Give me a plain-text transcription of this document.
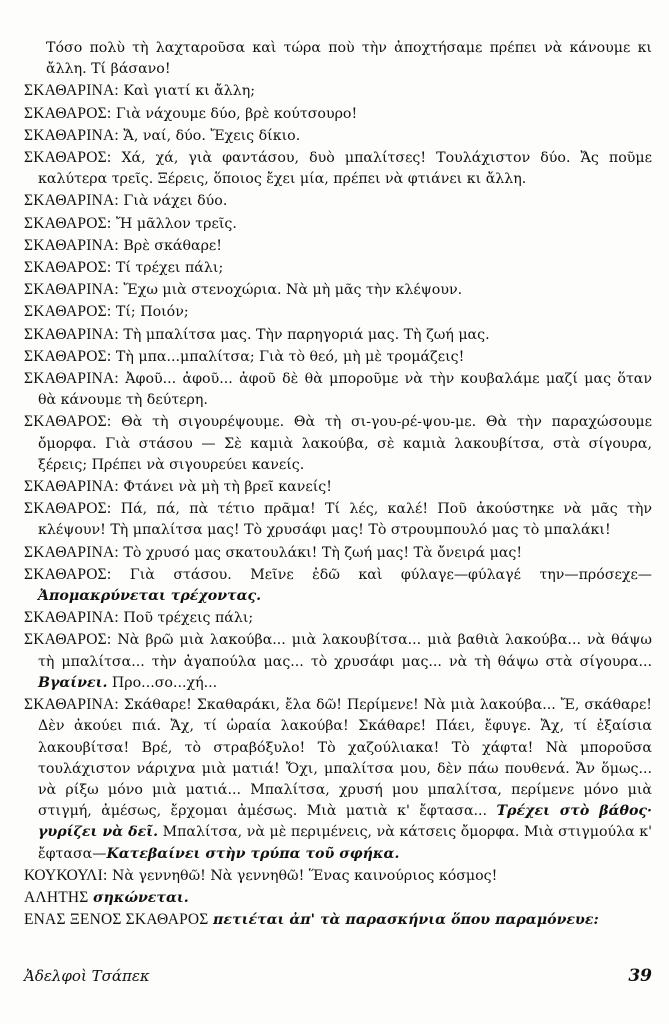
Τόσο πολὺ τὴ λαχταροῦσα καὶ τώρα ποὺ τὴν ἀποχτήσαμε πρέπει νὰ κάνουμε κι ἄλλη. Τί βάσανο!

ΣΚΑΘΑΡΙΝΑ: Καὶ γιατί κι ἄλλη;

ΣΚΑΘΑΡΟΣ: Γιὰ νάχουμε δύο, βρὲ κούτσουρο!

ΣΚΑΘΑΡΙΝΑ: Ἄ, ναί, δύο. Ἔχεις δίκιο.

ΣΚΑΘΑΡΟΣ: Χά, χά, γιὰ φαντάσου, δυὸ μπαλίτσες! Τουλάχιστον δύο. Ἄς ποῦμε καλύτερα τρεῖς. Ξέρεις, ὅποιος ἔχει μία, πρέπει νὰ φτιάνει κι ἄλλη.

ΣΚΑΘΑΡΙΝΑ: Γιὰ νάχει δύο.

ΣΚΑΘΑΡΟΣ: Ἤ μᾶλλον τρεῖς.

ΣΚΑΘΑΡΙΝΑ: Βρὲ σκάθαρε!

ΣΚΑΘΑΡΟΣ: Τί τρέχει πάλι;

ΣΚΑΘΑΡΙΝΑ: Ἔχω μιὰ στενοχώρια. Νὰ μὴ μᾶς τὴν κλέψουν.

ΣΚΑΘΑΡΟΣ: Τί; Ποιόν;

ΣΚΑΘΑΡΙΝΑ: Τὴ μπαλίτσα μας. Τὴν παρηγοριά μας. Τὴ ζωή μας.

ΣΚΑΘΑΡΟΣ: Τὴ μπα...μπαλίτσα; Γιὰ τὸ θεό, μὴ μὲ τρομάζεις!

ΣΚΑΘΑΡΙΝΑ: Ἀφοῦ... ἀφοῦ... ἀφοῦ δὲ θὰ μποροῦμε νὰ τὴν κουβαλάμε μαζί μας ὅταν θὰ κάνουμε τὴ δεύτερη.

ΣΚΑΘΑΡΟΣ: Θὰ τὴ σιγουρέψουμε. Θὰ τὴ σι-γου-ρέ-ψου-με. Θὰ τὴν παραχώσουμε ὄμορφα. Γιὰ στάσου — Σὲ καμιὰ λακούβα, σὲ καμιὰ λακουβίτσα, στὰ σίγουρα, ξέρεις; Πρέπει νὰ σιγουρεύει κανείς.

ΣΚΑΘΑΡΙΝΑ: Φτάνει νὰ μὴ τὴ βρεῖ κανείς!

ΣΚΑΘΑΡΟΣ: Πά, πά, πὰ τέτιο πρᾶμα! Τί λές, καλέ! Ποῦ ἀκούστηκε νὰ μᾶς τὴν κλέψουν! Τὴ μπαλίτσα μας! Τὸ χρυσάφι μας! Τὸ στρουμπουλό μας τὸ μπαλάκι!

ΣΚΑΘΑΡΙΝΑ: Τὸ χρυσό μας σκατουλάκι! Τὴ ζωή μας! Τὰ ὄνειρά μας!

ΣΚΑΘΑΡΟΣ: Γιὰ στάσου. Μεῖνε ἐδῶ καὶ φύλαγε—φύλαγέ την—πρόσεχε— Ἀπομακρύνεται τρέχοντας.

ΣΚΑΘΑΡΙΝΑ: Ποῦ τρέχεις πάλι;

ΣΚΑΘΑΡΟΣ: Νὰ βρῶ μιὰ λακούβα... μιὰ λακουβίτσα... μιὰ βαθιὰ λακούβα... νὰ θάψω τὴ μπαλίτσα... τὴν ἀγαπούλα μας... τὸ χρυσάφι μας... νὰ τὴ θάψω στὰ σίγουρα... Βγαίνει. Προ...σο...χή...

ΣΚΑΘΑΡΙΝΑ: Σκάθαρε! Σκαθαράκι, ἔλα δῶ! Περίμενε! Νὰ μιὰ λακούβα... Ἔ, σκάθαρε! Δὲν ἀκούει πιά. Ἄχ, τί ὡραία λακούβα! Σκάθαρε! Πάει, ἔφυγε. Ἄχ, τί ἐξαίσια λακουβίτσα! Βρέ, τὸ στραβόξυλο! Τὸ χαζούλιακα! Τὸ χάφτα! Νὰ μποροῦσα τουλάχιστον νάριχνα μιὰ ματιά! Ὄχι, μπαλίτσα μου, δὲν πάω πουθενά. Ἄν ὅμως... νὰ ρίξω μόνο μιὰ ματιά... Μπαλίτσα, χρυσή μου μπαλίτσα, περίμενε μόνο μιὰ στιγμή, ἀμέσως, ἔρχομαι ἀμέσως. Μιὰ ματιὰ κ' ἔφτασα... Τρέχει στὸ βάθος· γυρίζει νὰ δεῖ. Μπαλίτσα, νὰ μὲ περιμένεις, νὰ κάτσεις ὄμορφα. Μιὰ στιγμούλα κ' ἔφτασα—Κατεβαίνει στὴν τρύπα τοῦ σφήκα.

ΚΟΥΚΟΥΛΙ: Νὰ γεννηθῶ! Νὰ γεννηθῶ! Ἕνας καινούριος κόσμος!

ΑΛΗΤΗΣ σηκώνεται.

ΕΝΑΣ ΞΕΝΟΣ ΣΚΑΘΑΡΟΣ πετιέται ἀπ' τὰ παρασκήνια ὅπου παραμόνευε:

Ἀδελφοὶ Τσάπεκ	39
